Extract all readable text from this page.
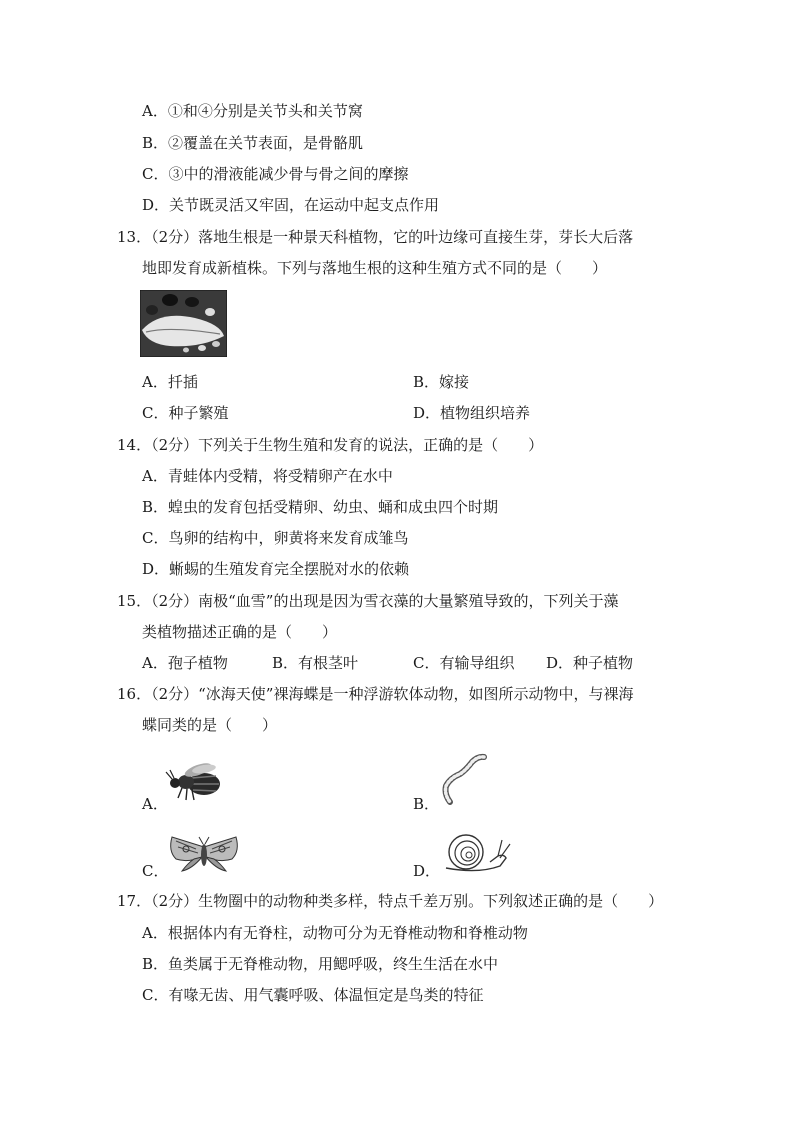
A．①和④分别是关节头和关节窝
B．②覆盖在关节表面，是骨骼肌
C．③中的滑液能减少骨与骨之间的摩擦
D．关节既灵活又牢固，在运动中起支点作用
13．（2分）落地生根是一种景天科植物，它的叶边缘可直接生芽，芽长大后落
地即发育成新植株。下列与落地生根的这种生殖方式不同的是（　　）
A．扦插	B．嫁接
C．种子繁殖	D．植物组织培养
14．（2分）下列关于生物生殖和发育的说法，正确的是（　　）
A．青蛙体内受精，将受精卵产在水中
B．蝗虫的发育包括受精卵、幼虫、蛹和成虫四个时期
C．鸟卵的结构中，卵黄将来发育成雏鸟
D．蜥蜴的生殖发育完全摆脱对水的依赖
15．（2分）南极“血雪”的出现是因为雪衣藻的大量繁殖导致的，下列关于藻
类植物描述正确的是（　　）
A．孢子植物	B．有根茎叶	C．有输导组织 D．种子植物
16．（2分）“冰海天使”裸海蝶是一种浮游软体动物，如图所示动物中，与裸海
蝶同类的是（　　）
A．	B．
C．	D．
17．（2分）生物圈中的动物种类多样，特点千差万别。下列叙述正确的是（　　）
A．根据体内有无脊柱，动物可分为无脊椎动物和脊椎动物
B．鱼类属于无脊椎动物，用鳃呼吸，终生生活在水中
C．有喙无齿、用气囊呼吸、体温恒定是鸟类的特征
